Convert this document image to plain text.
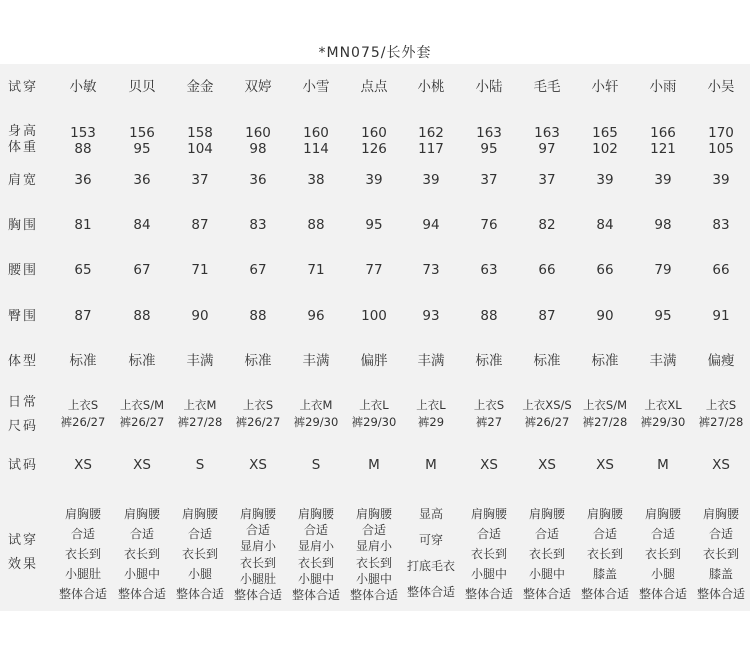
*MN075/长外套
试穿
身高
体重
肩宽
胸围
腰围
臀围
体型
日常
尺码
试码
试穿
效果
小敏
153
88
36
81
65
87
标准
上衣S
裤26/27
XS
肩胸腰
合适
衣长到
小腿肚
整体合适
贝贝
156
95
36
84
67
88
标准
上衣S/M
裤26/27
XS
肩胸腰
合适
衣长到
小腿中
整体合适
金金
158
104
37
87
71
90
丰满
上衣M
裤27/28
S
肩胸腰
合适
衣长到
小腿
整体合适
双婷
160
98
36
83
67
88
标准
上衣S
裤26/27
XS
肩胸腰
合适
显肩小
衣长到
小腿肚
整体合适
小雪
160
114
38
88
71
96
丰满
上衣M
裤29/30
S
肩胸腰
合适
显肩小
衣长到
小腿中
整体合适
点点
160
126
39
95
77
100
偏胖
上衣L
裤29/30
M
肩胸腰
合适
显肩小
衣长到
小腿中
整体合适
小桃
162
117
39
94
73
93
丰满
上衣L
裤29
M
显高
可穿
打底毛衣
整体合适
小陆
163
95
37
76
63
88
标准
上衣S
裤27
XS
肩胸腰
合适
衣长到
小腿中
整体合适
毛毛
163
97
37
82
66
87
标准
上衣XS/S
裤26/27
XS
肩胸腰
合适
衣长到
小腿中
整体合适
小轩
165
102
39
84
66
90
标准
上衣S/M
裤27/28
XS
肩胸腰
合适
衣长到
膝盖
整体合适
小雨
166
121
39
98
79
95
丰满
上衣XL
裤29/30
M
肩胸腰
合适
衣长到
小腿
整体合适
小吴
170
105
39
83
66
91
偏瘦
上衣S
裤27/28
XS
肩胸腰
合适
衣长到
膝盖
整体合适
